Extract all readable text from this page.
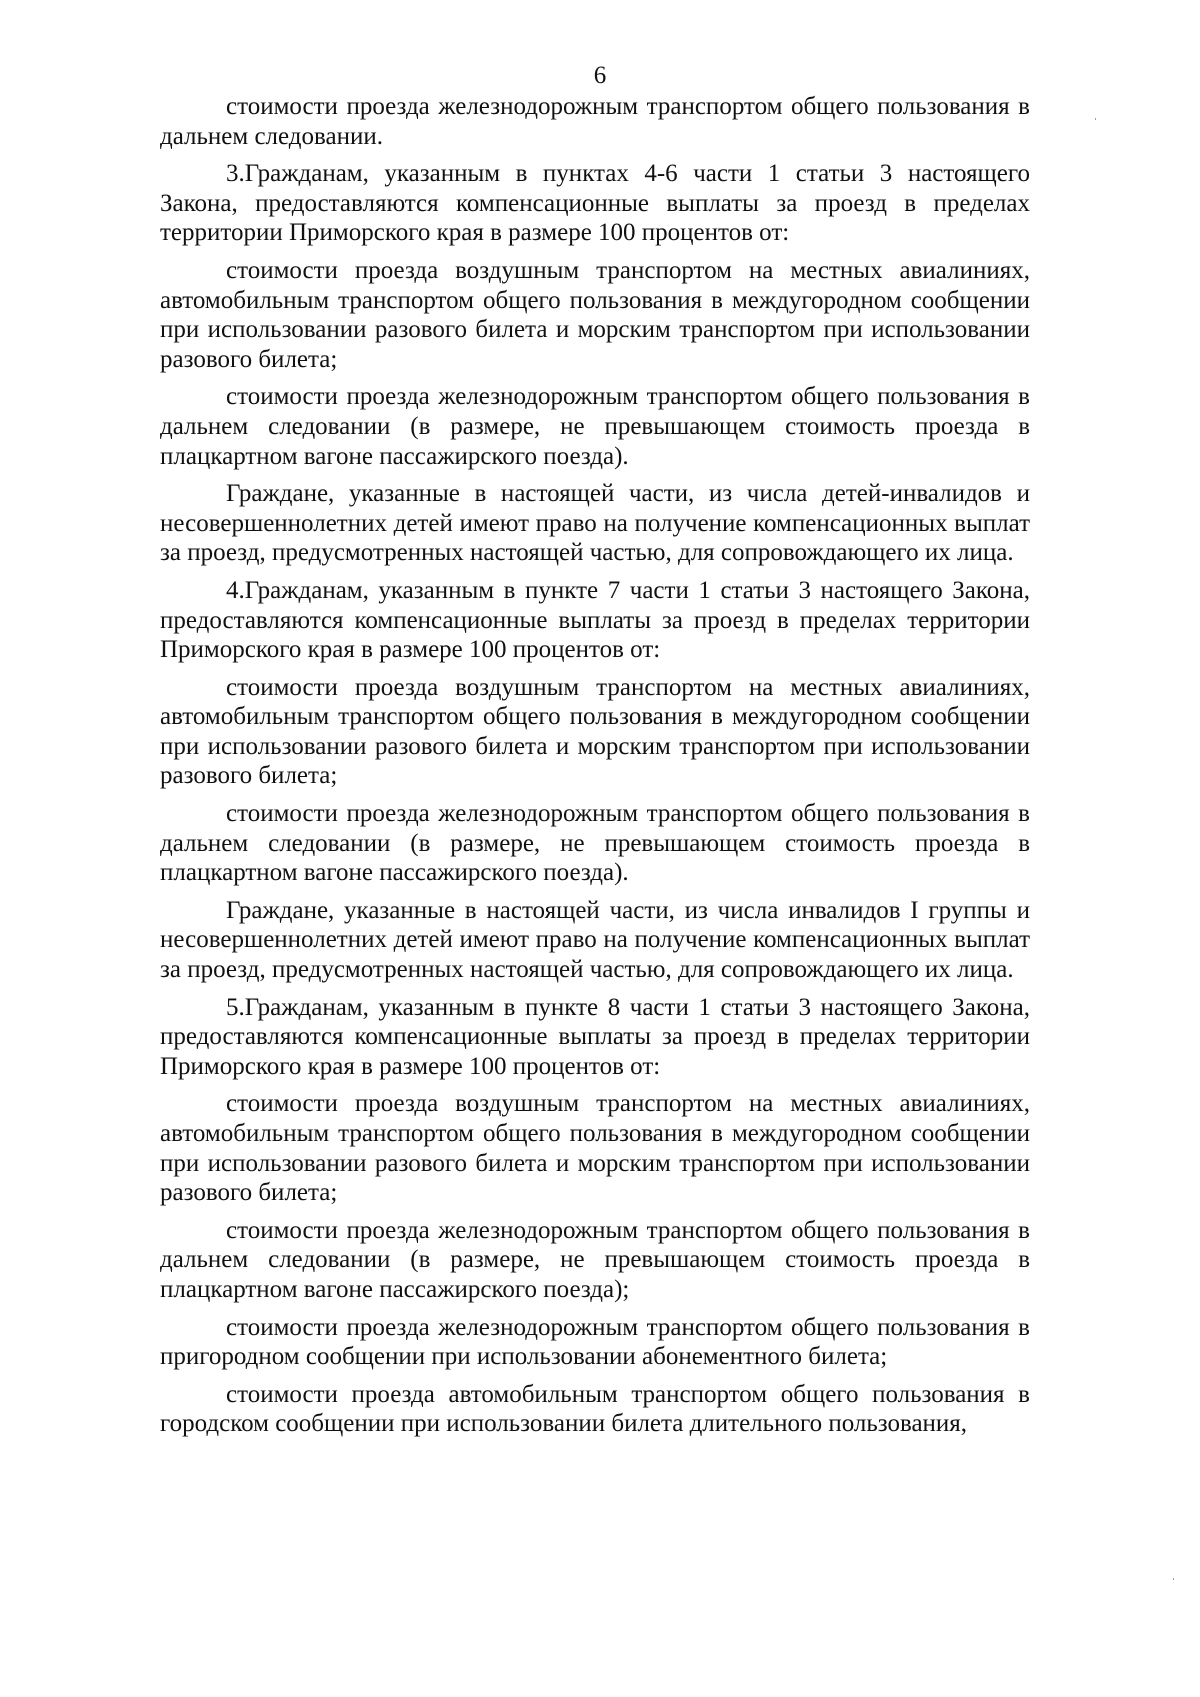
6

стоимости проезда железнодорожным транспортом общего пользования в дальнем следовании.

3.Гражданам, указанным в пунктах 4-6 части 1 статьи 3 настоящего Закона, предоставляются компенсационные выплаты за проезд в пределах территории Приморского края в размере 100 процентов от:

стоимости проезда воздушным транспортом на местных авиалиниях, автомобильным транспортом общего пользования в междугородном сообщении при использовании разового билета и морским транспортом при использовании разового билета;

стоимости проезда железнодорожным транспортом общего пользования в дальнем следовании (в размере, не превышающем стоимость проезда в плацкартном вагоне пассажирского поезда).

Граждане, указанные в настоящей части, из числа детей-инвалидов и несовершеннолетних детей имеют право на получение компенсационных выплат за проезд, предусмотренных настоящей частью, для сопровождающего их лица.

4.Гражданам, указанным в пункте 7 части 1 статьи 3 настоящего Закона, предоставляются компенсационные выплаты за проезд в пределах территории Приморского края в размере 100 процентов от:

стоимости проезда воздушным транспортом на местных авиалиниях, автомобильным транспортом общего пользования в междугородном сообщении при использовании разового билета и морским транспортом при использовании разового билета;

стоимости проезда железнодорожным транспортом общего пользования в дальнем следовании (в размере, не превышающем стоимость проезда в плацкартном вагоне пассажирского поезда).

Граждане, указанные в настоящей части, из числа инвалидов I группы и несовершеннолетних детей имеют право на получение компенсационных выплат за проезд, предусмотренных настоящей частью, для сопровождающего их лица.

5.Гражданам, указанным в пункте 8 части 1 статьи 3 настоящего Закона, предоставляются компенсационные выплаты за проезд в пределах территории Приморского края в размере 100 процентов от:

стоимости проезда воздушным транспортом на местных авиалиниях, автомобильным транспортом общего пользования в междугородном сообщении при использовании разового билета и морским транспортом при использовании разового билета;

стоимости проезда железнодорожным транспортом общего пользования в дальнем следовании (в размере, не превышающем стоимость проезда в плацкартном вагоне пассажирского поезда);

стоимости проезда железнодорожным транспортом общего пользования в пригородном сообщении при использовании абонементного билета;

стоимости проезда автомобильным транспортом общего пользования в городском сообщении при использовании билета длительного пользования,
